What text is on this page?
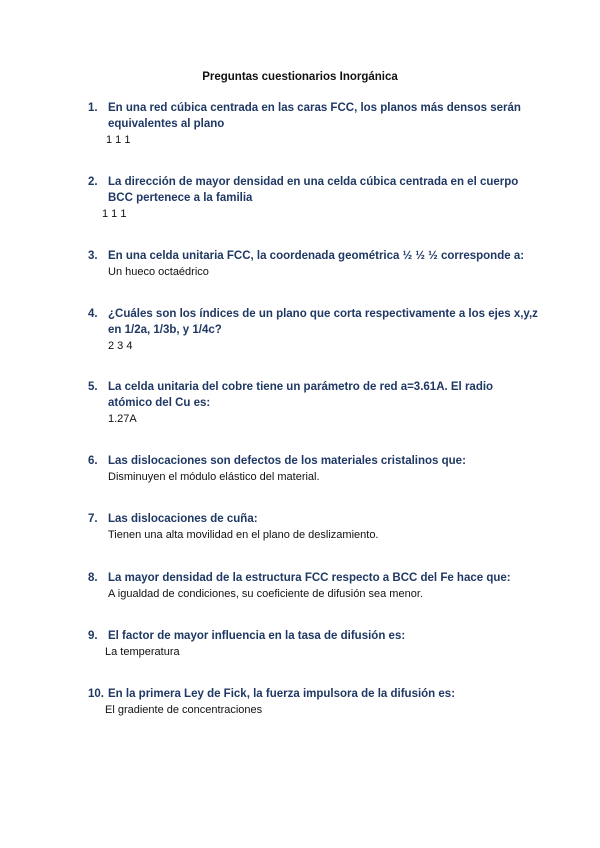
Preguntas cuestionarios Inorgánica
1. En una red cúbica centrada en las caras FCC, los planos más densos serán equivalentes al plano
1 1 1
2. La dirección de mayor densidad en una celda cúbica centrada en el cuerpo BCC pertenece a la familia
1 1 1
3. En una celda unitaria FCC, la coordenada geométrica ½ ½ ½ corresponde a:
Un hueco octaédrico
4. ¿Cuáles son los índices de un plano que corta respectivamente a los ejes x,y,z en 1/2a, 1/3b, y 1/4c?
2 3 4
5. La celda unitaria del cobre tiene un parámetro de red a=3.61A. El radio atómico del Cu es:
1.27A
6. Las dislocaciones son defectos de los materiales cristalinos que:
Disminuyen el módulo elástico del material.
7. Las dislocaciones de cuña:
Tienen una alta movilidad en el plano de deslizamiento.
8. La mayor densidad de la estructura FCC respecto a BCC del Fe hace que:
A igualdad de condiciones, su coeficiente de difusión sea menor.
9. El factor de mayor influencia en la tasa de difusión es:
La temperatura
10. En la primera Ley de Fick, la fuerza impulsora de la difusión es:
El gradiente de concentraciones
